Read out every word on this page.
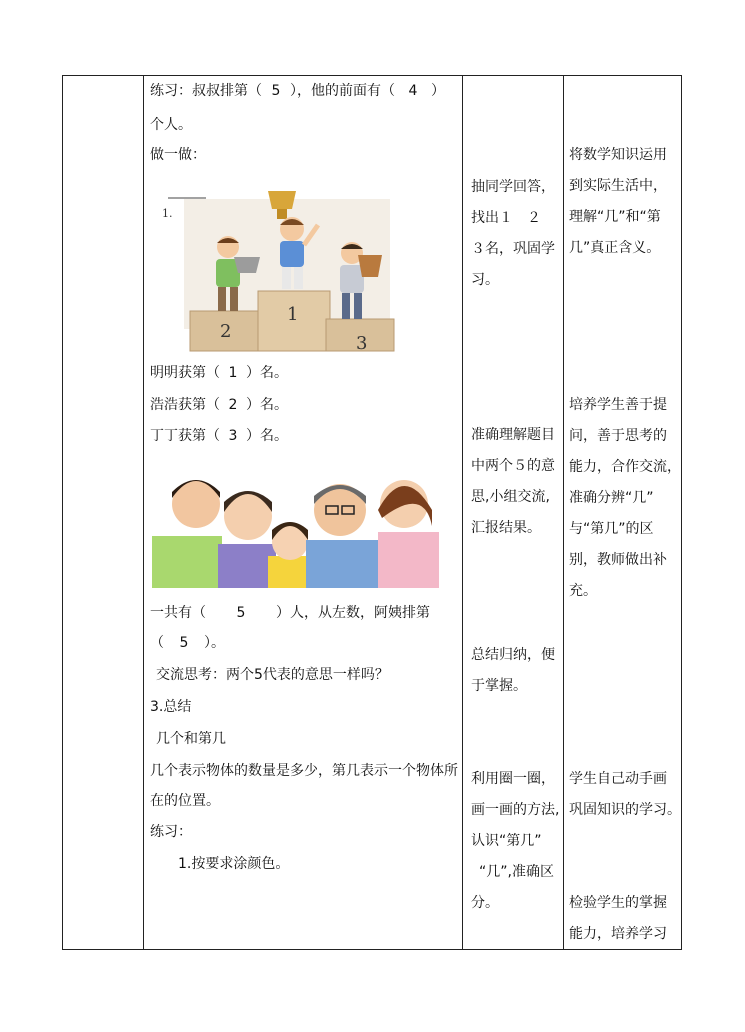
练习：叔叔排第（ 5 ），他的前面有（ 4 ）
个人。
做一做：
1.
2
1
3
明明获第（ 1 ）名。
浩浩获第（ 2 ）名。
丁丁获第（ 3 ）名。
一共有（ 5 ）人，从左数，阿姨排第
（ 5 ）。
交流思考：两个5代表的意思一样吗？
3.总结
几个和第几
几个表示物体的数量是多少，第几表示一个物体所
在的位置。
练习：
1.按要求涂颜色。
抽同学回答，
找出１　２
３名，巩固学
习。
准确理解题目
中两个５的意
思,小组交流,
汇报结果。
总结归纳，便
于掌握。
利用圈一圈，
画一画的方法,
认识“第几”
“几”,准确区
分。
将数学知识运用
到实际生活中，
理解“几”和“第
几”真正含义。
培养学生善于提
问，善于思考的
能力，合作交流，
准确分辨“几”
与“第几”的区
别，教师做出补
充。
学生自己动手画
巩固知识的学习。
检验学生的掌握
能力，培养学习
